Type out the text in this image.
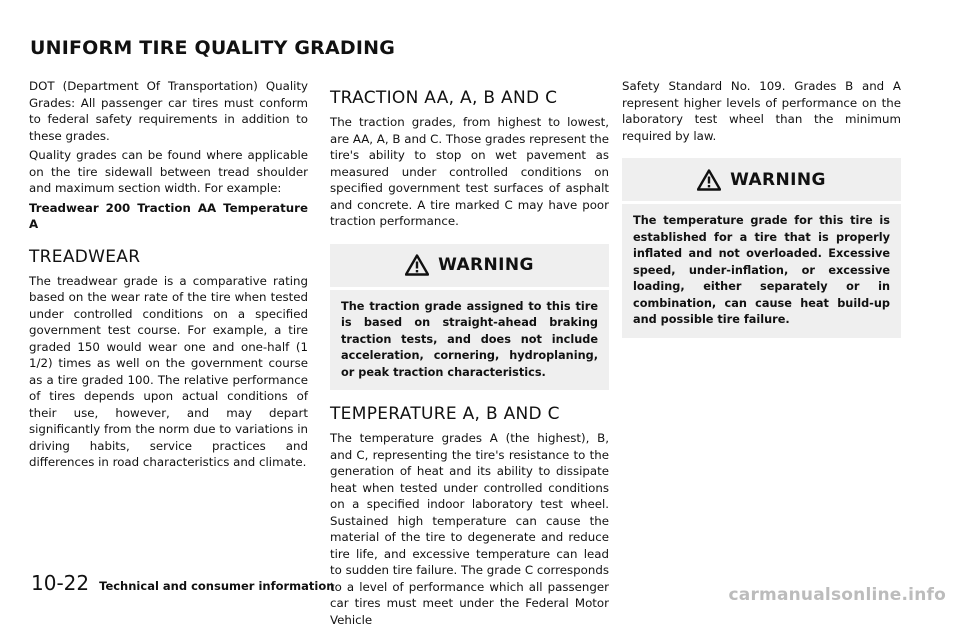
UNIFORM TIRE QUALITY GRADING

DOT (Department Of Transportation) Quality Grades: All passenger car tires must conform to federal safety requirements in addition to these grades.

Quality grades can be found where applicable on the tire sidewall between tread shoulder and maximum section width. For example:

Treadwear 200 Traction AA Temperature A

TREADWEAR

The treadwear grade is a comparative rating based on the wear rate of the tire when tested under controlled conditions on a specified government test course. For example, a tire graded 150 would wear one and one-half (1 1/2) times as well on the government course as a tire graded 100. The relative performance of tires depends upon actual conditions of their use, however, and may depart significantly from the norm due to variations in driving habits, service practices and differences in road characteristics and climate.

TRACTION AA, A, B AND C

The traction grades, from highest to lowest, are AA, A, B and C. Those grades represent the tire's ability to stop on wet pavement as measured under controlled conditions on specified government test surfaces of asphalt and concrete. A tire marked C may have poor traction performance.

WARNING
The traction grade assigned to this tire is based on straight-ahead braking traction tests, and does not include acceleration, cornering, hydroplaning, or peak traction characteristics.
TEMPERATURE A, B AND C

The temperature grades A (the highest), B, and C, representing the tire's resistance to the generation of heat and its ability to dissipate heat when tested under controlled conditions on a specified indoor laboratory test wheel. Sustained high temperature can cause the material of the tire to degenerate and reduce tire life, and excessive temperature can lead to sudden tire failure. The grade C corresponds to a level of performance which all passenger car tires must meet under the Federal Motor Vehicle

Safety Standard No. 109. Grades B and A represent higher levels of performance on the laboratory test wheel than the minimum required by law.

WARNING
The temperature grade for this tire is established for a tire that is properly inflated and not overloaded. Excessive speed, under-inflation, or excessive loading, either separately or in combination, can cause heat build-up and possible tire failure.
10-22 Technical and consumer information	carmanualsonline.info
